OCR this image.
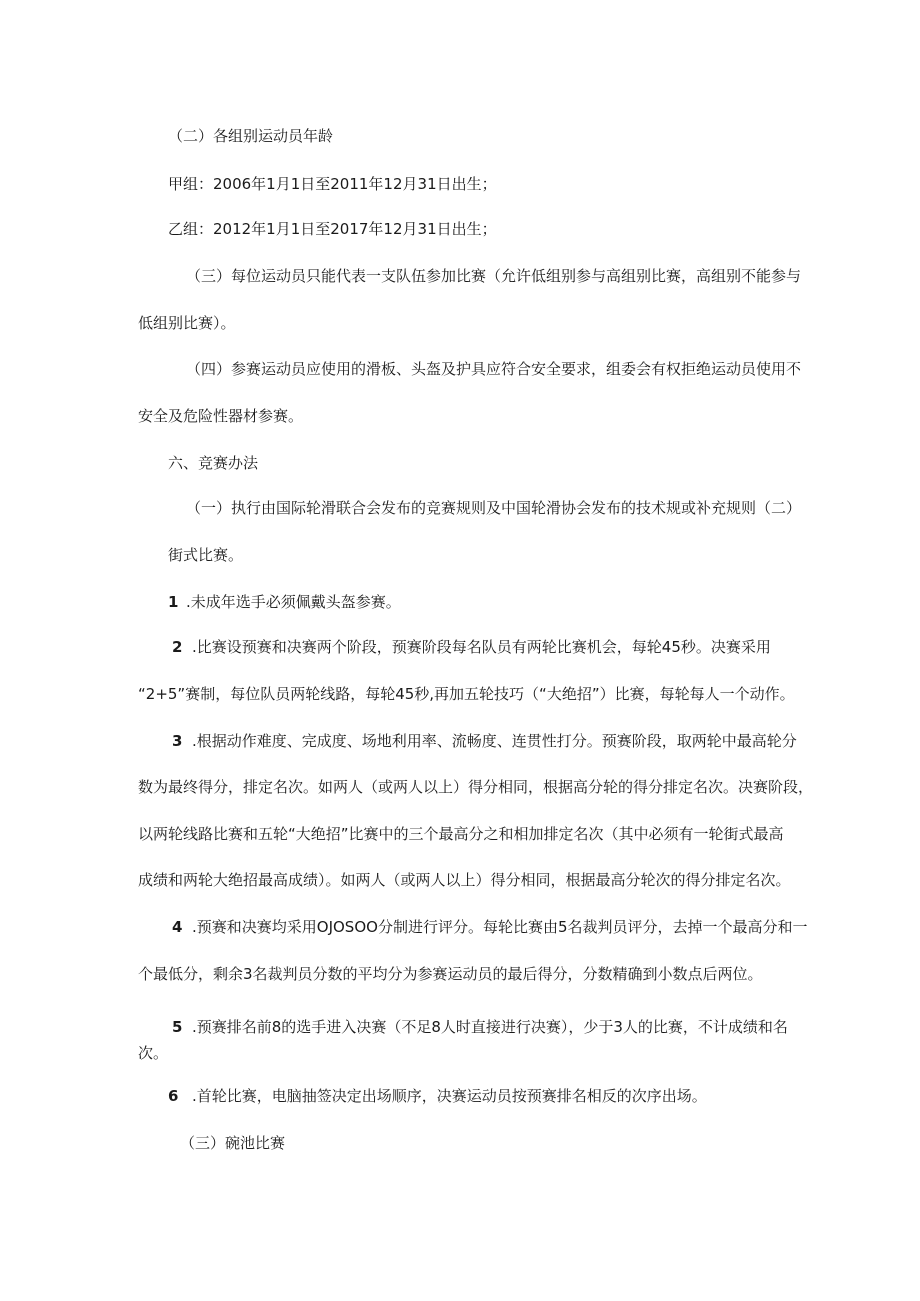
（二）各组别运动员年龄
甲组：2006年1月1日至2011年12月31日出生；
乙组：2012年1月1日至2017年12月31日出生；
（三）每位运动员只能代表一支队伍参加比赛（允许低组别参与高组别比赛，高组别不能参与
低组别比赛）。
（四）参赛运动员应使用的滑板、头盔及护具应符合安全要求，组委会有权拒绝运动员使用不
安全及危险性器材参赛。
六、竞赛办法
（一）执行由国际轮滑联合会发布的竞赛规则及中国轮滑协会发布的技术规或补充规则（二）
街式比赛。
1 .未成年选手必须佩戴头盔参赛。
2 .比赛设预赛和决赛两个阶段，预赛阶段每名队员有两轮比赛机会，每轮45秒。决赛采用
“2+5”赛制，每位队员两轮线路，每轮45秒,再加五轮技巧（“大绝招”）比赛，每轮每人一个动作。
3 .根据动作难度、完成度、场地利用率、流畅度、连贯性打分。预赛阶段，取两轮中最高轮分
数为最终得分，排定名次。如两人（或两人以上）得分相同，根据高分轮的得分排定名次。决赛阶段，
以两轮线路比赛和五轮“大绝招”比赛中的三个最高分之和相加排定名次（其中必须有一轮街式最高
成绩和两轮大绝招最高成绩）。如两人（或两人以上）得分相同，根据最高分轮次的得分排定名次。
4 .预赛和决赛均采用OJOSOO分制进行评分。每轮比赛由5名裁判员评分，去掉一个最高分和一
个最低分，剩余3名裁判员分数的平均分为参赛运动员的最后得分，分数精确到小数点后两位。
5 .预赛排名前8的选手进入决赛（不足8人时直接进行决赛），少于3人的比赛，不计成绩和名
次。
6 .首轮比赛，电脑抽签决定出场顺序，决赛运动员按预赛排名相反的次序出场。
（三）碗池比赛
